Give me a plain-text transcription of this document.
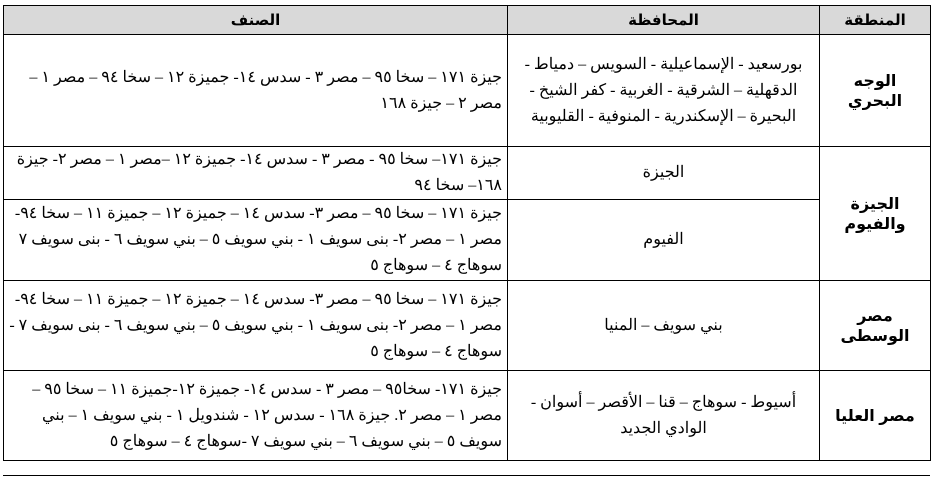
المنطقة	المحافظة	الصنف
الوجه البحري	بورسعيد - الإسماعيلية - السويس – دمياط - الدقهلية – الشرقية - الغربية - كفر الشيخ - البحيرة – الإسكندرية - المنوفية - القليوبية	جيزة ١٧١ – سخا ٩٥ – مصر ٣ - سدس ١٤- جميزة ١٢ – سخا ٩٤ – مصر ١ – مصر ٢ – جيزة ١٦٨
الجيزة والفيوم	الجيزة	جيزة ١٧١– سخا ٩٥ - مصر ٣ - سدس ١٤- جميزة ١٢ –مصر ١ – مصر ٢- جيزة ١٦٨– سخا ٩٤
	الفيوم	جيزة ١٧١ – سخا ٩٥ – مصر ٣- سدس ١٤ – جميزة ١٢ – جميزة ١١ – سخا ٩٤- مصر ١ – مصر ٢- بنى سويف ١ - بني سويف ٥ – بني سويف ٦ - بنى سويف ٧ سوهاج ٤ – سوهاج ٥
مصر الوسطى	بني سويف – المنيا	جيزة ١٧١ – سخا ٩٥ – مصر ٣- سدس ١٤ – جميزة ١٢ – جميزة ١١ – سخا ٩٤- مصر ١ – مصر ٢- بنى سويف ١ - بني سويف ٥ – بني سويف ٦ - بنى سويف ٧ - سوهاج ٤ – سوهاج ٥
مصر العليا	أسيوط - سوهاج – قنا – الأقصر – أسوان - الوادي الجديد	جيزة ١٧١- سخا٩٥ – مصر ٣ - سدس ١٤- جميزة ١٢-جميزة ١١ – سخا ٩٥ – مصر ١ – مصر ٢. جيزة ١٦٨ - سدس ١٢ - شندويل ١ - بني سويف ١ – بني سويف ٥ – بني سويف ٦ – بني سويف ٧ -سوهاج ٤ – سوهاج ٥
